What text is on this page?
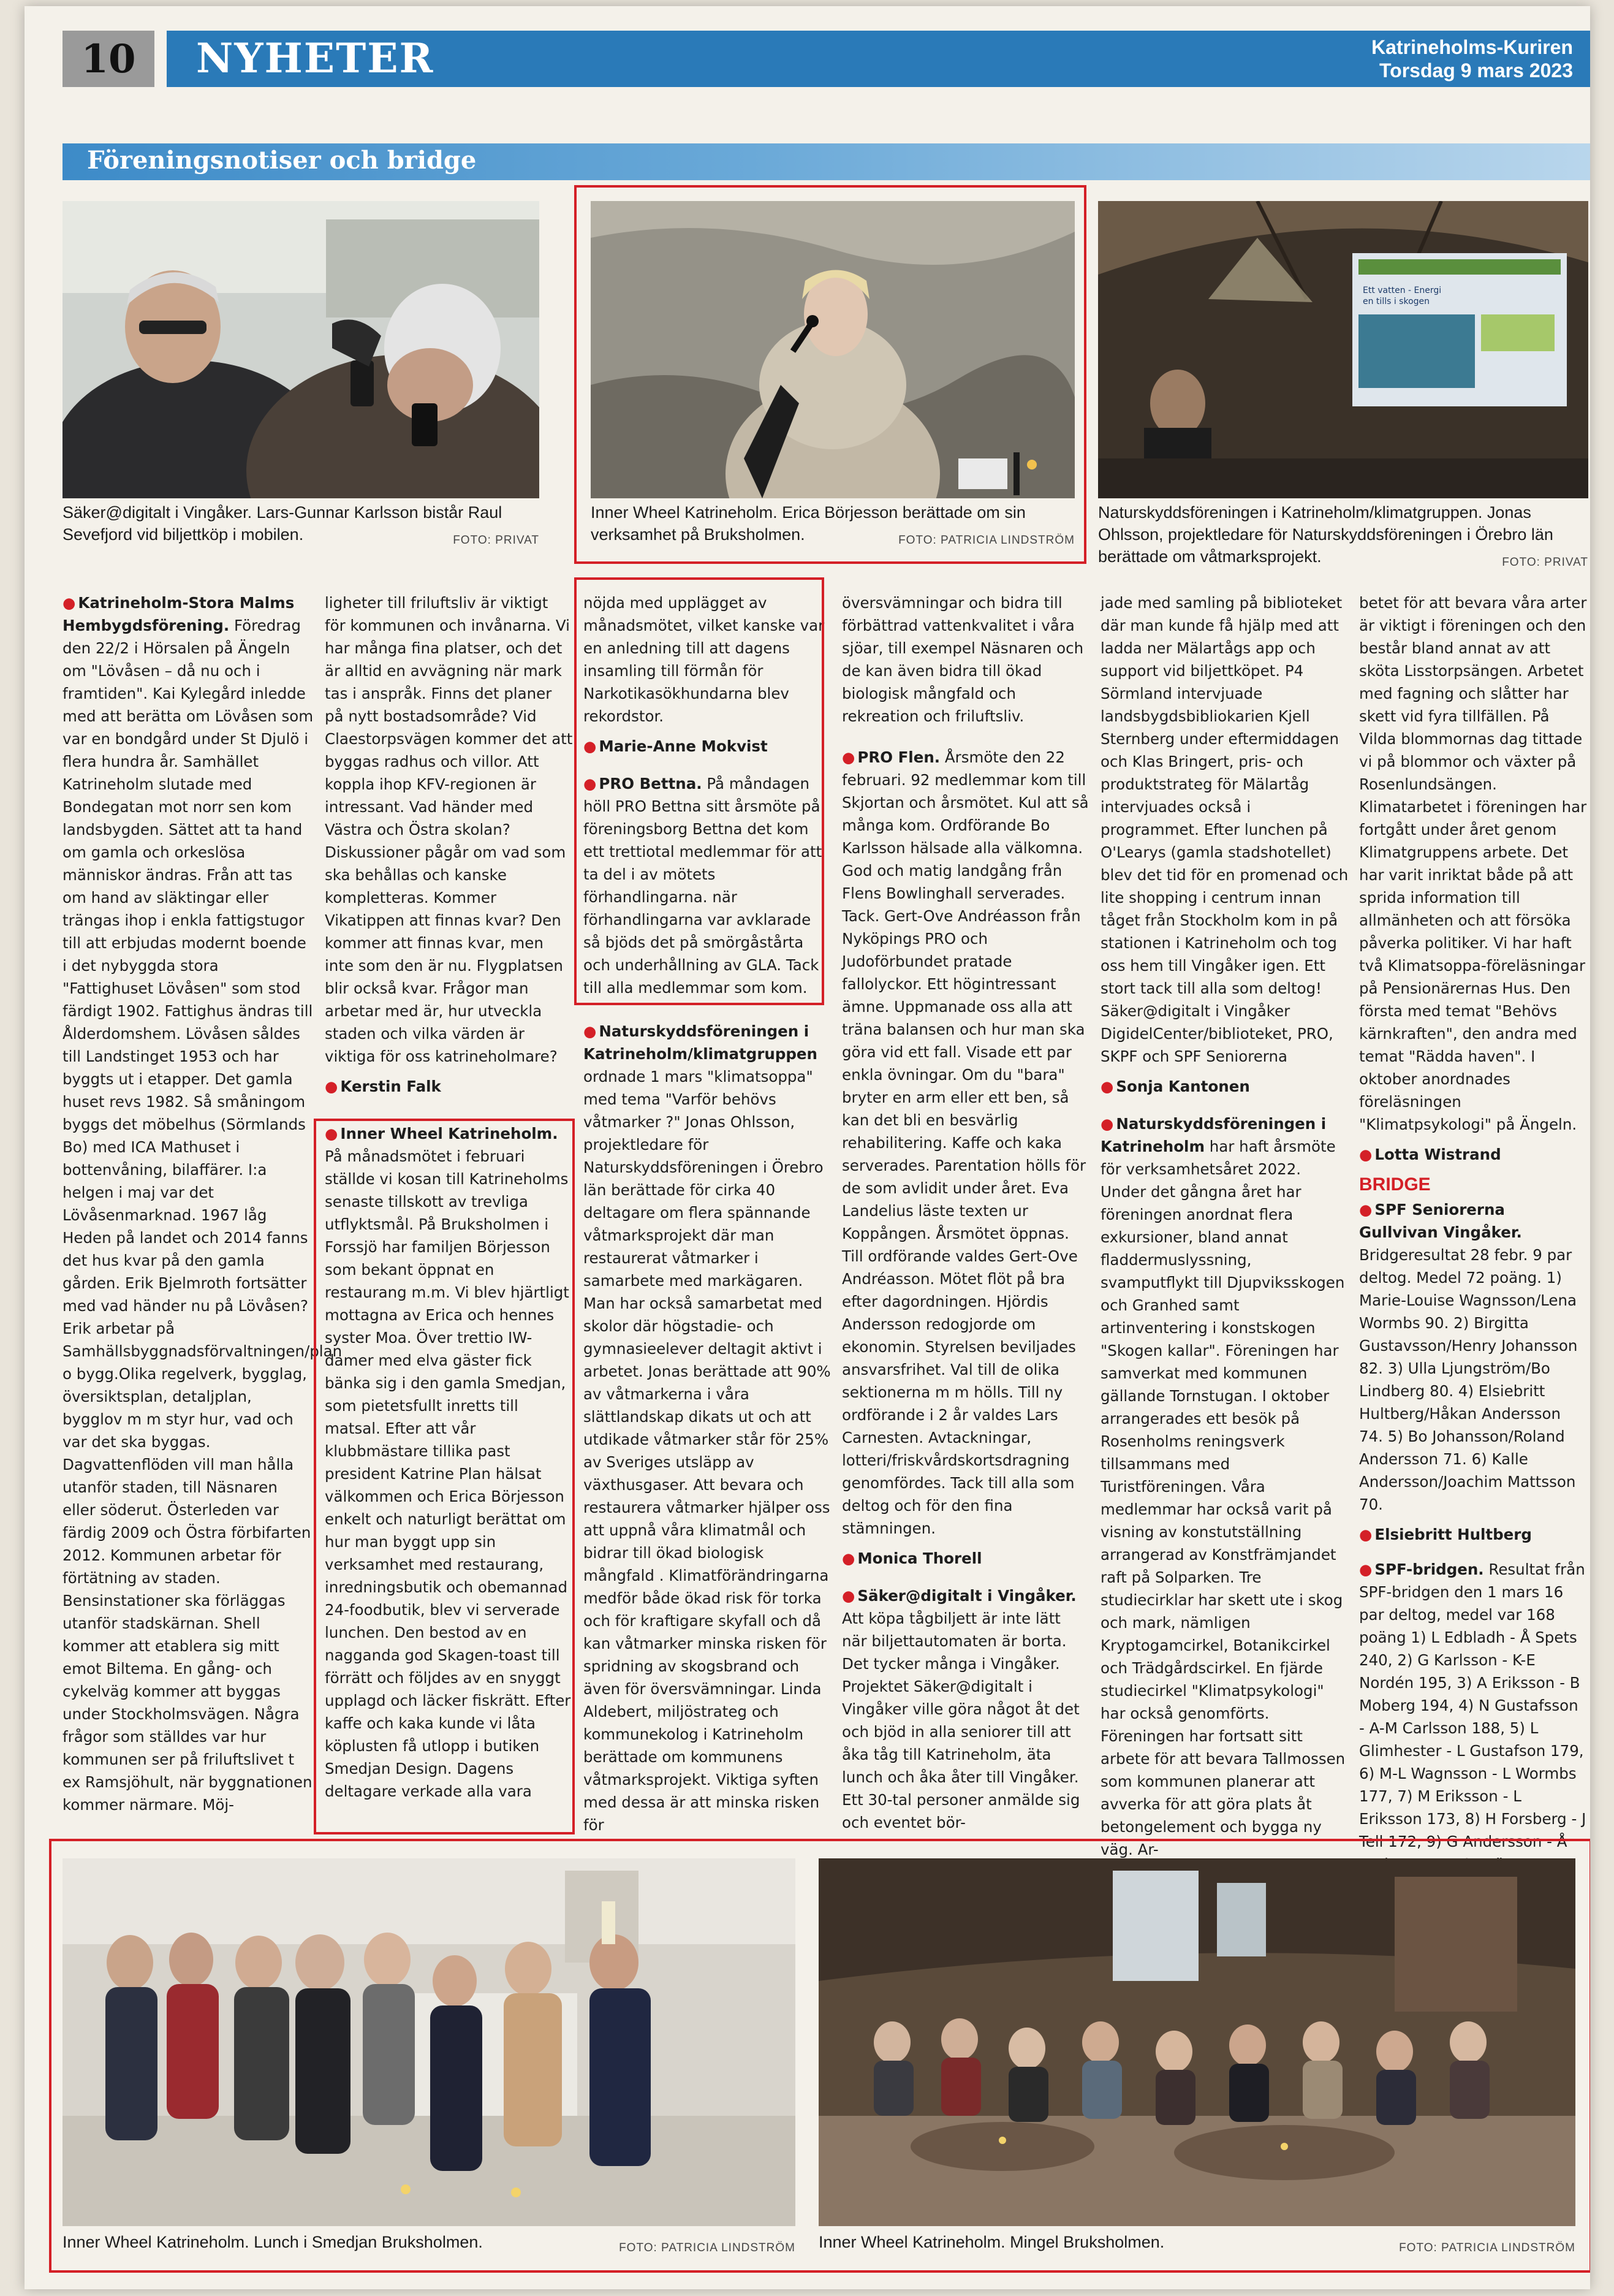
10	NYHETER	Katrineholms-Kuriren
Torsdag 9 mars 2023
Föreningsnotiser och bridge
Säker@digitalt i Vingåker. Lars-Gunnar Karlsson bistår Raul Sevefjord vid biljettköp i mobilen.	FOTO: PRIVAT
Inner Wheel Katrineholm. Erica Börjesson berättade om sin verksamhet på Bruksholmen.	FOTO: PATRICIA LINDSTRÖM
Ett vatten - Energi
en tills i skogen
Naturskyddsföreningen i Katrineholm/klimatgruppen. Jonas Ohlsson, projektledare för Naturskyddsföreningen i Örebro län berättade om våtmarksprojekt.	FOTO: PRIVAT

● Katrineholm-Stora Malms Hembygdsförening. Föredrag den 22/2 i Hörsalen på Ängeln om "Lövåsen – då nu och i framtiden". Kai Kylegård inledde med att berätta om Lövåsen som var en bondgård under St Djulö i flera hundra år. Samhället Katrineholm slutade med Bondegatan mot norr sen kom landsbygden. Sättet att ta hand om gamla och orkeslösa människor ändras. Från att tas om hand av släktingar eller trängas ihop i enkla fattigstugor till att erbjudas modernt boende i det nybyggda stora "Fattighuset Lövåsen" som stod färdigt 1902. Fattighus ändras till Ålderdomshem. Lövåsen såldes till Landstinget 1953 och har byggts ut i etapper. Det gamla huset revs 1982. Så småningom byggs det möbelhus (Sörmlands Bo) med ICA Mathuset i bottenvåning, bilaffärer. I:a helgen i maj var det Lövåsenmarknad. 1967 låg Heden på landet och 2014 fanns det hus kvar på den gamla gården. Erik Bjelmroth fortsätter med vad händer nu på Lövåsen? Erik arbetar på Samhällsbyggnadsförvaltningen/plan o bygg.Olika regelverk, bygglag, översiktsplan, detaljplan, bygglov m m styr hur, vad och var det ska byggas. Dagvattenflöden vill man hålla utanför staden, till Näsnaren eller söderut. Österleden var färdig 2009 och Östra förbifarten 2012. Kommunen arbetar för förtätning av staden. Bensinstationer ska förläggas utanför stadskärnan. Shell kommer att etablera sig mitt emot Biltema. En gång- och cykelväg kommer att byggas under Stockholmsvägen. Några frågor som ställdes var hur kommunen ser på friluftslivet t ex Ramsjöhult, när byggnationen kommer närmare. Möj-

ligheter till friluftsliv är viktigt för kommunen och invånarna. Vi har många fina platser, och det är alltid en avvägning när mark tas i anspråk. Finns det planer på nytt bostadsområde? Vid Claestorpsvägen kommer det att byggas radhus och villor. Att koppla ihop KFV-regionen är intressant. Vad händer med Västra och Östra skolan? Diskussioner pågår om vad som ska behållas och kanske kompletteras. Kommer Vikatippen att finnas kvar? Den kommer att finnas kvar, men inte som den är nu. Flygplatsen blir också kvar. Frågor man arbetar med är, hur utveckla staden och vilka värden är viktiga för oss katrineholmare?

● Kerstin Falk

● Inner Wheel Katrineholm. På månadsmötet i februari ställde vi kosan till Katrineholms senaste tillskott av trevliga utflyktsmål. På Bruksholmen i Forssjö har familjen Börjesson som bekant öppnat en restaurang m.m. Vi blev hjärtligt mottagna av Erica och hennes syster Moa. Över trettio IW-damer med elva gäster fick bänka sig i den gamla Smedjan, som pietetsfullt inretts till matsal. Efter att vår klubbmästare tillika past president Katrine Plan hälsat välkommen och Erica Börjesson enkelt och naturligt berättat om hur man byggt upp sin verksamhet med restaurang, inredningsbutik och obemannad 24-foodbutik, blev vi serverade lunchen. Den bestod av en nagganda god Skagen-toast till förrätt och följdes av en snyggt upplagd och läcker fiskrätt. Efter kaffe och kaka kunde vi låta köplusten få utlopp i butiken Smedjan Design. Dagens deltagare verkade alla vara

nöjda med upplägget av månadsmötet, vilket kanske var en anledning till att dagens insamling till förmån för Narkotikasökhundarna blev rekordstor.

● Marie-Anne Mokvist

● PRO Bettna. På måndagen höll PRO Bettna sitt årsmöte på föreningsborg Bettna det kom ett trettiotal medlemmar för att ta del i av mötets förhandlingarna. när förhandlingarna var avklarade så bjöds det på smörgåstårta och underhållning av GLA. Tack till alla medlemmar som kom.

● Naturskyddsföreningen i Katrineholm/klimatgruppen ordnade 1 mars "klimatsoppa" med tema "Varför behövs våtmarker ?" Jonas Ohlsson, projektledare för Naturskyddsföreningen i Örebro län berättade för cirka 40 deltagare om flera spännande våtmarksprojekt där man restaurerat våtmarker i samarbete med markägaren. Man har också samarbetat med skolor där högstadie- och gymnasieelever deltagit aktivt i arbetet. Jonas berättade att 90% av våtmarkerna i våra slättlandskap dikats ut och att utdikade våtmarker står för 25% av Sveriges utsläpp av växthusgaser. Att bevara och restaurera våtmarker hjälper oss att uppnå våra klimatmål och bidrar till ökad biologisk mångfald . Klimatförändringarna medför både ökad risk för torka och för kraftigare skyfall och då kan våtmarker minska risken för spridning av skogsbrand och även för översvämningar. Linda Aldebert, miljöstrateg och kommunekolog i Katrineholm berättade om kommunens våtmarksprojekt. Viktiga syften med dessa är att minska risken för

översvämningar och bidra till förbättrad vattenkvalitet i våra sjöar, till exempel Näsnaren och de kan även bidra till ökad biologisk mångfald och rekreation och friluftsliv.

● PRO Flen. Årsmöte den 22 februari. 92 medlemmar kom till Skjortan och årsmötet. Kul att så många kom. Ordförande Bo Karlsson hälsade alla välkomna. God och matig landgång från Flens Bowlinghall serverades. Tack. Gert-Ove Andréasson från Nyköpings PRO och Judoförbundet pratade fallolyckor. Ett högintressant ämne. Uppmanade oss alla att träna balansen och hur man ska göra vid ett fall. Visade ett par enkla övningar. Om du "bara" bryter en arm eller ett ben, så kan det bli en besvärlig rehabilitering. Kaffe och kaka serverades. Parentation hölls för de som avlidit under året. Eva Landelius läste texten ur Koppången. Årsmötet öppnas. Till ordförande valdes Gert-Ove Andréasson. Mötet flöt på bra efter dagordningen. Hjördis Andersson redogjorde om ekonomin. Styrelsen beviljades ansvarsfrihet. Val till de olika sektionerna m m hölls. Till ny ordförande i 2 år valdes Lars Carnesten. Avtackningar, lotteri/friskvårdskortsdragning genomfördes. Tack till alla som deltog och för den fina stämningen.

● Monica Thorell

● Säker@digitalt i Vingåker. Att köpa tågbiljett är inte lätt när biljettautomaten är borta. Det tycker många i Vingåker. Projektet Säker@digitalt i Vingåker ville göra något åt det och bjöd in alla seniorer till att åka tåg till Katrineholm, äta lunch och åka åter till Vingåker. Ett 30-tal personer anmälde sig och eventet bör-

jade med samling på biblioteket där man kunde få hjälp med att ladda ner Mälartågs app och support vid biljettköpet. P4 Sörmland intervjuade landsbygdsbibliokarien Kjell Sternberg under eftermiddagen och Klas Bringert, pris- och produktstrateg för Mälartåg intervjuades också i programmet. Efter lunchen på O'Learys (gamla stadshotellet) blev det tid för en promenad och lite shopping i centrum innan tåget från Stockholm kom in på stationen i Katrineholm och tog oss hem till Vingåker igen. Ett stort tack till alla som deltog! Säker@digitalt i Vingåker DigidelCenter/biblioteket, PRO, SKPF och SPF Seniorerna

● Sonja Kantonen

● Naturskyddsföreningen i Katrineholm har haft årsmöte för verksamhetsåret 2022. Under det gångna året har föreningen anordnat flera exkursioner, bland annat fladdermuslyssning, svamputflykt till Djupviksskogen och Granhed samt artinventering i konstskogen "Skogen kallar". Föreningen har samverkat med kommunen gällande Tornstugan. I oktober arrangerades ett besök på Rosenholms reningsverk tillsammans med Turistföreningen. Våra medlemmar har också varit på visning av konstutställning arrangerad av Konstfrämjandet raft på Solparken. Tre studiecirklar har skett ute i skog och mark, nämligen Kryptogamcirkel, Botanikcirkel och Trädgårdscirkel. En fjärde studiecirkel "Klimatpsykologi" har också genomförts. Föreningen har fortsatt sitt arbete för att bevara Tallmossen som kommunen planerar att avverka för att göra plats åt betongelement och bygga ny väg. Ar-

betet för att bevara våra arter är viktigt i föreningen och den består bland annat av att sköta Lisstorpsängen. Arbetet med fagning och slåtter har skett vid fyra tillfällen. På Vilda blommornas dag tittade vi på blommor och växter på Rosenlundsängen. Klimatarbetet i föreningen har fortgått under året genom Klimatgruppens arbete. Det har varit inriktat både på att sprida information till allmänheten och att försöka påverka politiker. Vi har haft två Klimatsoppa-föreläsningar på Pensionärernas Hus. Den första med temat "Behövs kärnkraften", den andra med temat "Rädda haven". I oktober anordnades föreläsningen "Klimatpsykologi" på Ängeln.

● Lotta Wistrand

BRIDGE

● SPF Seniorerna Gullvivan Vingåker. Bridgeresultat 28 febr. 9 par deltog. Medel 72 poäng. 1) Marie-Louise Wagnsson/Lena Wormbs 90. 2) Birgitta Gustavsson/Henry Johansson 82. 3) Ulla Ljungström/Bo Lindberg 80. 4) Elsiebritt Hultberg/Håkan Andersson 74. 5) Bo Johansson/Roland Andersson 71. 6) Kalle Andersson/Joachim Mattsson 70.

● Elsiebritt Hultberg

● SPF-bridgen. Resultat från SPF-bridgen den 1 mars 16 par deltog, medel var 168 poäng 1) L Edbladh - Å Spets 240, 2) G Karlsson - K-E Nordén 195, 3) A Eriksson - B Moberg 194, 4) N Gustafsson - A-M Carlsson 188, 5) L Glimhester - L Gustafson 179, 6) M-L Wagnsson - L Wormbs 177, 7) M Eriksson - L Eriksson 173, 8) H Forsberg - J Tell 172, 9) G Andersson - Å

Inner Wheel Katrineholm. Lunch i Smedjan Bruksholmen.	FOTO: PATRICIA LINDSTRÖM Inner Wheel Katrineholm. Mingel Bruksholmen.	FOTO: PATRICIA LINDSTRÖM
